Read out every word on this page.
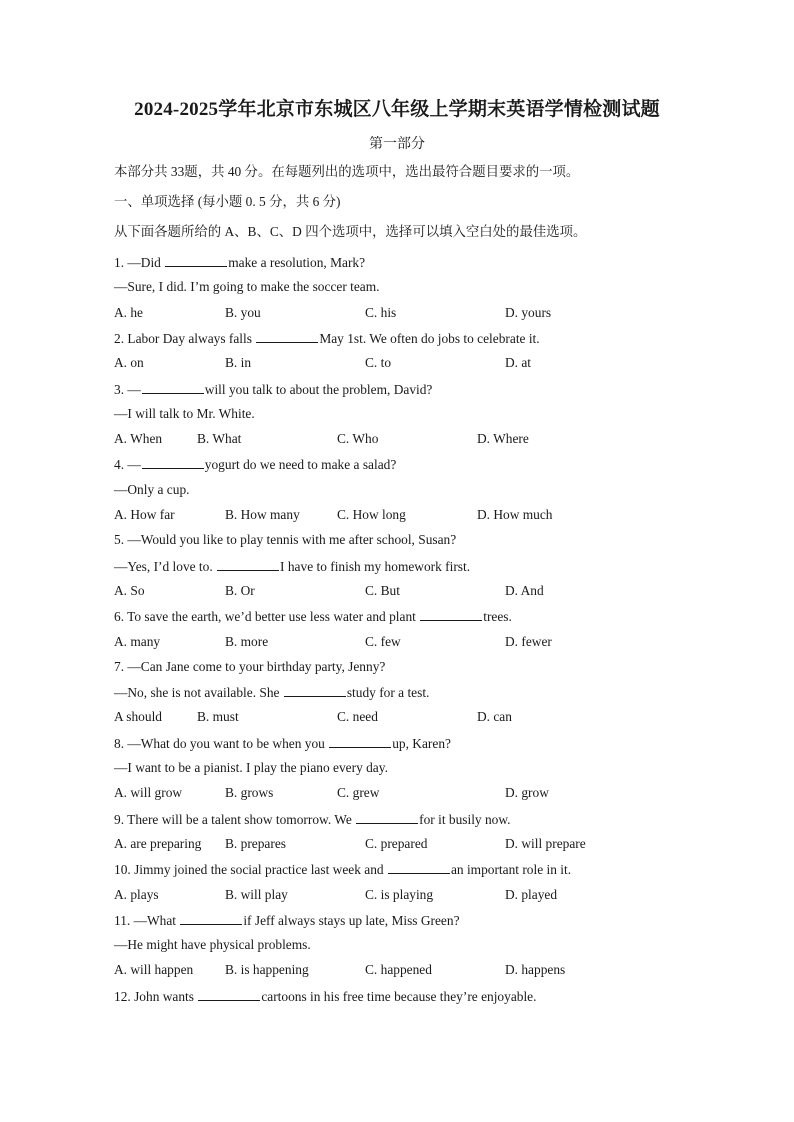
2024-2025学年北京市东城区八年级上学期末英语学情检测试题
第一部分
本部分共 33题，共 40 分。在每题列出的选项中，选出最符合题目要求的一项。
一、单项选择 (每小题 0. 5 分，共 6 分)
从下面各题所给的 A、B、C、D 四个选项中，选择可以填入空白处的最佳选项。
1. —Did	make a resolution, Mark?
—Sure, I did. I’m going to make the soccer team.
A. he	B. you	C. his	D. yours
2. Labor Day always falls	May 1st. We often do jobs to celebrate it.
A. on	B. in	C. to	D. at
3. —	will you talk to about the problem, David?
—I will talk to Mr. White.
A. When	B. What	C. Who	D. Where
4. —	yogurt do we need to make a salad?
—Only a cup.
A. How far	B. How many	C. How long	D. How much
5. —Would you like to play tennis with me after school, Susan?
—Yes, I’d love to.	I have to finish my homework first.
A. So	B. Or	C. But	D. And
6. To save the earth, we’d better use less water and plant	trees.
A. many	B. more	C. few	D. fewer
7. —Can Jane come to your birthday party, Jenny?
—No, she is not available. She	study for a test.
A should	B. must	C. need	D. can
8. —What do you want to be when you	up, Karen?
—I want to be a pianist. I play the piano every day.
A. will grow	B. grows	C. grew	D. grow
9. There will be a talent show tomorrow. We	for it busily now.
A. are preparing B. prepares	C. prepared	D. will prepare
10. Jimmy joined the social practice last week and	an important role in it.
A. plays	B. will play	C. is playing	D. played
11. —What	if Jeff always stays up late, Miss Green?
—He might have physical problems.
A. will happen B. is happening	C. happened	D. happens
12. John wants	cartoons in his free time because they’re enjoyable.
